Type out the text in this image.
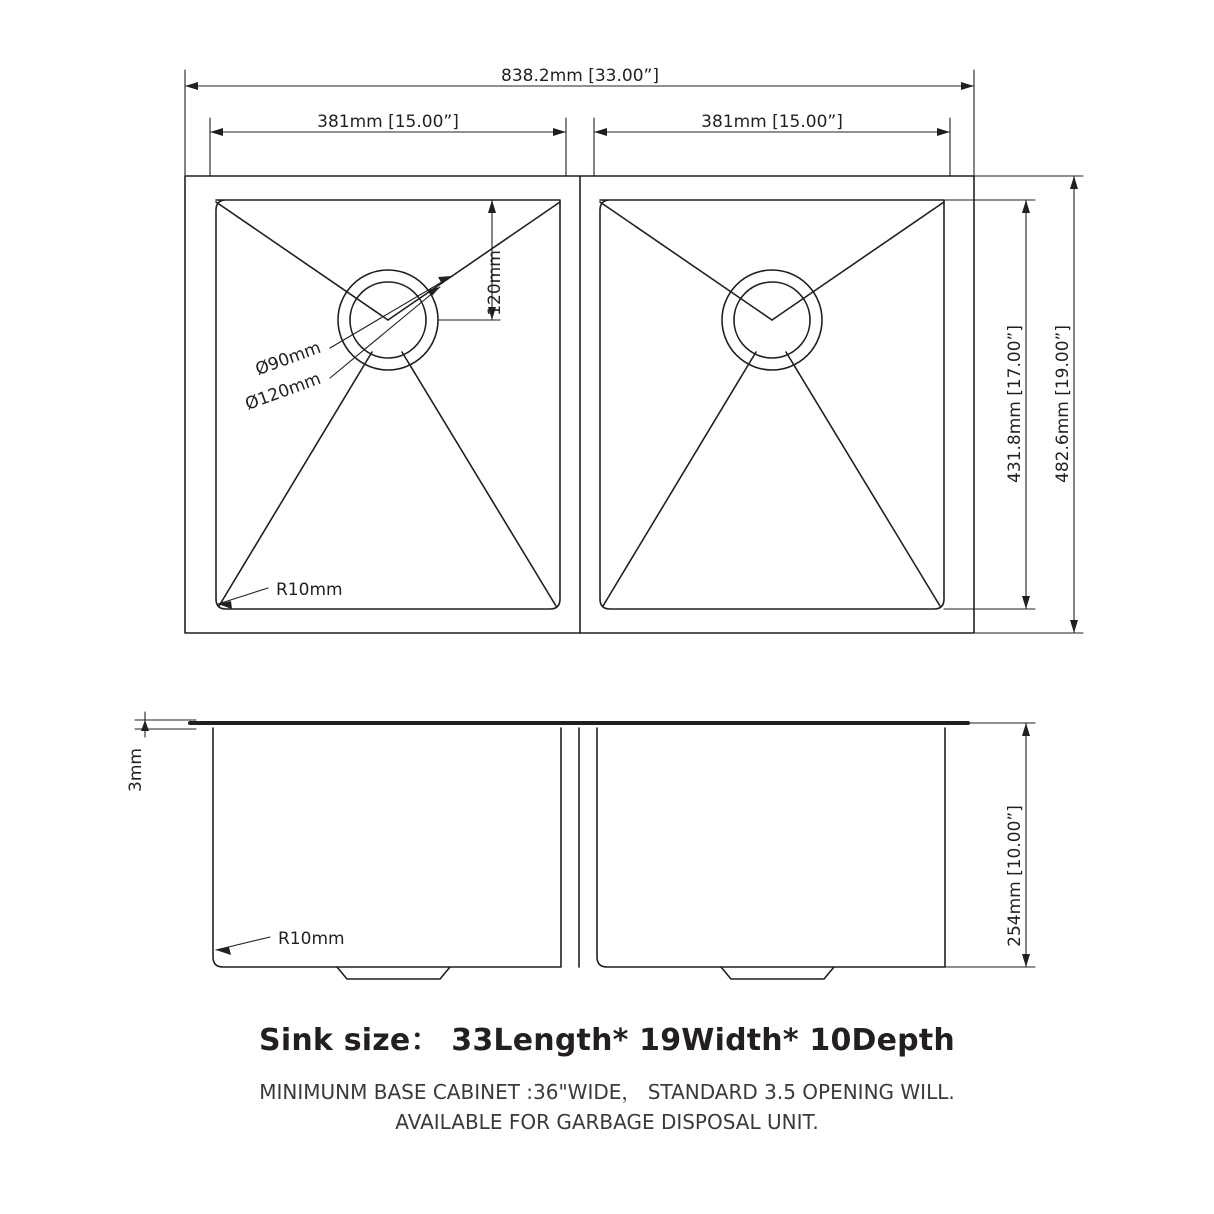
838.2mm [33.00”]
381mm [15.00”]	381mm [15.00”]
431.8mm [17.00”] 482.6mm [19.00”]
120mm
Ø90mm
Ø120mm
R10mm
3mm
254mm [10.00”]
R10mm

Sink size： 33Length* 19Width* 10Depth

MINIMUNM BASE CABINET :36"WIDE， STANDARD 3.5 OPENING WILL.

AVAILABLE FOR GARBAGE DISPOSAL UNIT.
